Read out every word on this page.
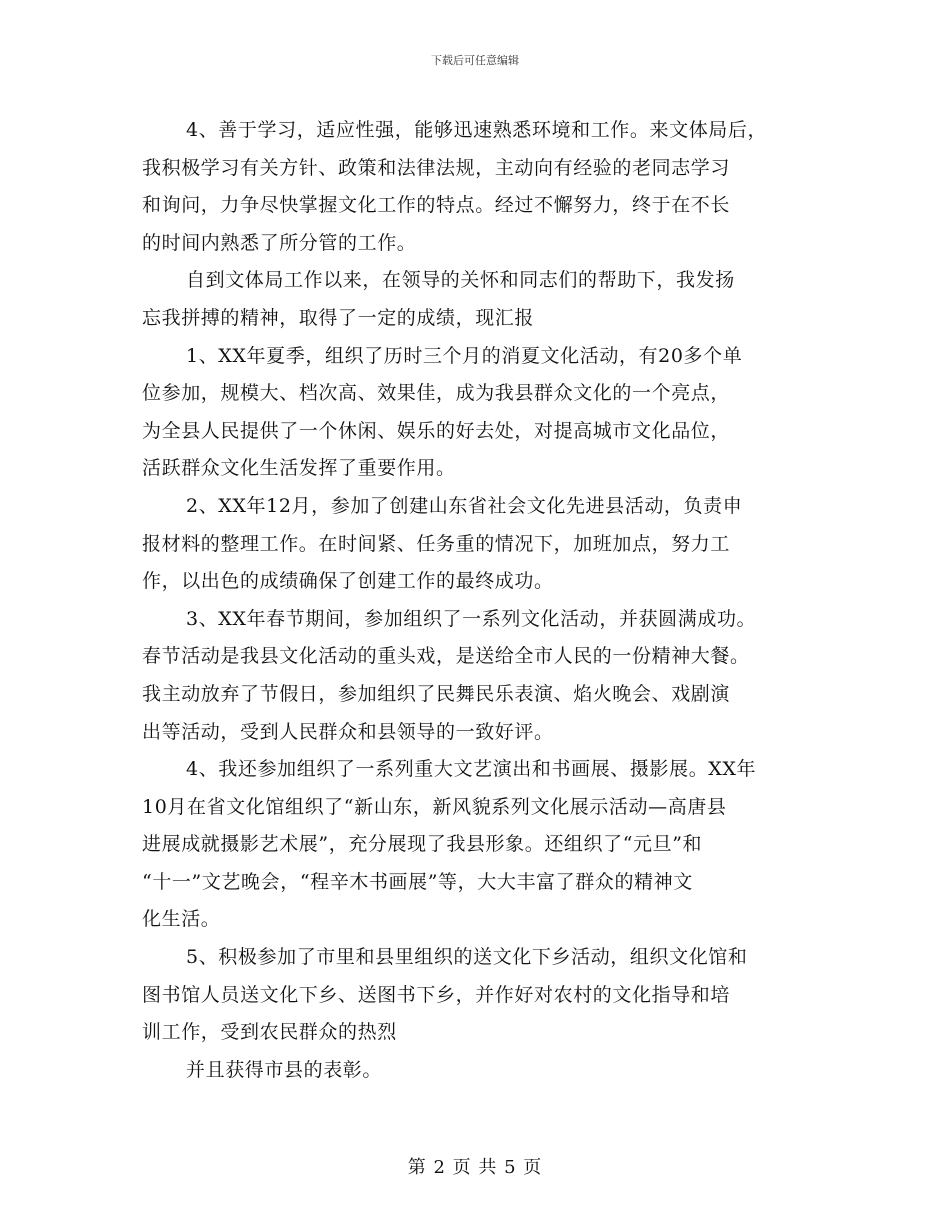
下载后可任意编辑
4、善于学习，适应性强，能够迅速熟悉环境和工作。来文体局后，
我积极学习有关方针、政策和法律法规，主动向有经验的老同志学习
和询问，力争尽快掌握文化工作的特点。经过不懈努力，终于在不长
的时间内熟悉了所分管的工作。
自到文体局工作以来，在领导的关怀和同志们的帮助下，我发扬
忘我拼搏的精神，取得了一定的成绩，现汇报
1、XX年夏季，组织了历时三个月的消夏文化活动，有20多个单
位参加，规模大、档次高、效果佳，成为我县群众文化的一个亮点，
为全县人民提供了一个休闲、娱乐的好去处，对提高城市文化品位，
活跃群众文化生活发挥了重要作用。
2、XX年12月，参加了创建山东省社会文化先进县活动，负责申
报材料的整理工作。在时间紧、任务重的情况下，加班加点，努力工
作，以出色的成绩确保了创建工作的最终成功。
3、XX年春节期间，参加组织了一系列文化活动，并获圆满成功。
春节活动是我县文化活动的重头戏，是送给全市人民的一份精神大餐。
我主动放弃了节假日，参加组织了民舞民乐表演、焰火晚会、戏剧演
出等活动，受到人民群众和县领导的一致好评。
4、我还参加组织了一系列重大文艺演出和书画展、摄影展。XX年
10月在省文化馆组织了“新山东，新风貌系列文化展示活动—高唐县
进展成就摄影艺术展”，充分展现了我县形象。还组织了“元旦”和
“十一”文艺晚会，“程辛木书画展”等，大大丰富了群众的精神文
化生活。
5、积极参加了市里和县里组织的送文化下乡活动，组织文化馆和
图书馆人员送文化下乡、送图书下乡，并作好对农村的文化指导和培
训工作，受到农民群众的热烈
并且获得市县的表彰。
第 2 页 共 5 页
